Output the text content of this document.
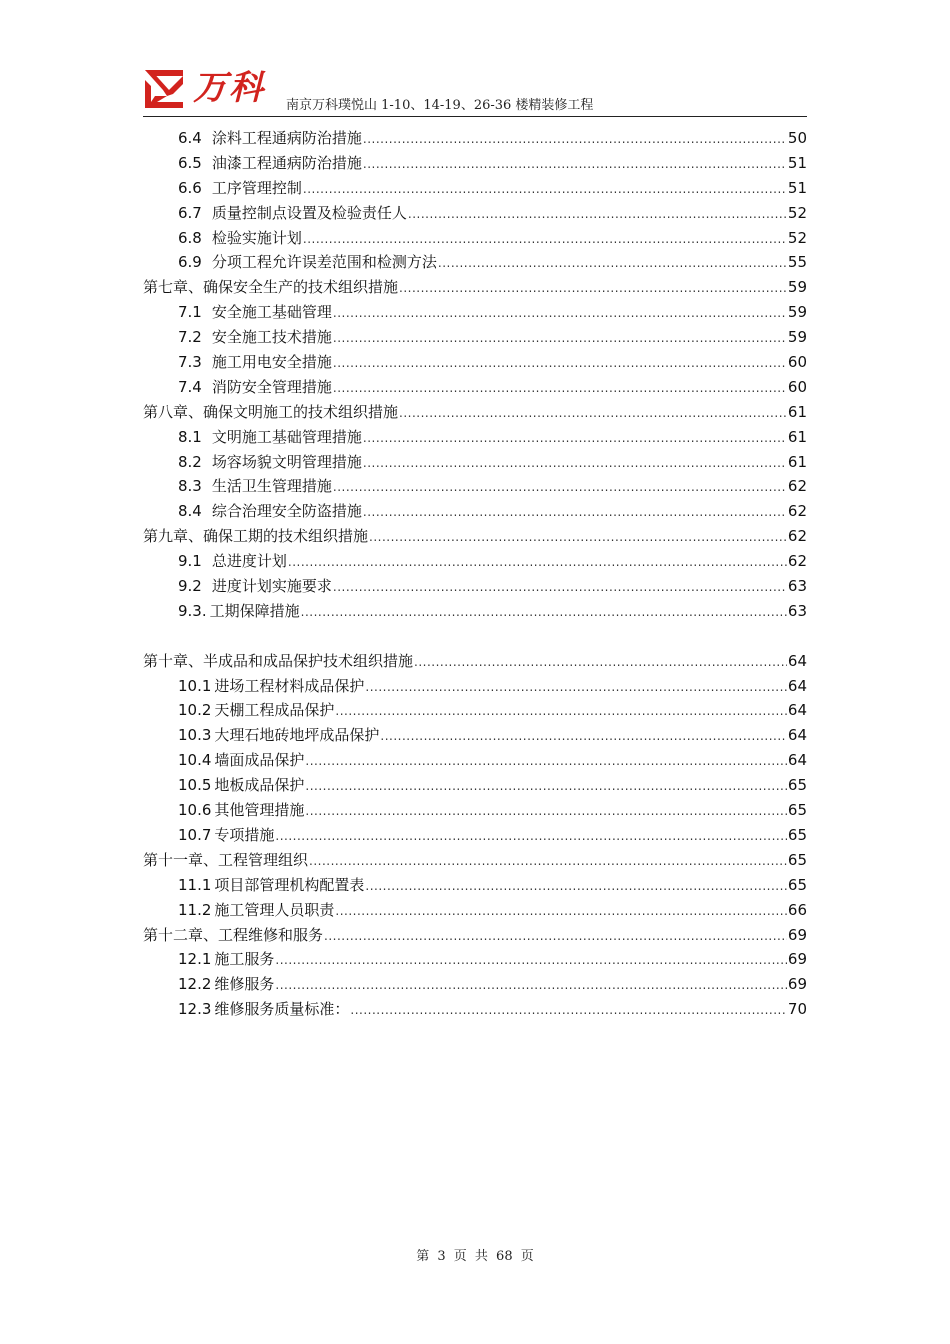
万科 南京万科璞悦山 1-10、14-19、26-36 楼精装修工程
6.4 涂料工程通病防治措施 .....	50
6.5 油漆工程通病防治措施 .....	51
6.6 工序管理控制 .....	51
6.7 质量控制点设置及检验责任人 .....	52
6.8 检验实施计划 .....	52
6.9 分项工程允许误差范围和检测方法 .....	55
第七章、确保安全生产的技术组织措施 .....	59
7.1 安全施工基础管理 .....	59
7.2 安全施工技术措施 .....	59
7.3 施工用电安全措施 .....	60
7.4 消防安全管理措施 .....	60
第八章、确保文明施工的技术组织措施 .....	61
8.1 文明施工基础管理措施 .....	61
8.2 场容场貌文明管理措施 .....	61
8.3 生活卫生管理措施 .....	62
8.4 综合治理安全防盗措施 .....	62
第九章、确保工期的技术组织措施 .....	62
9.1 总进度计划 .....	62
9.2 进度计划实施要求 .....	63
9.3. 工期保障措施 .....	63
第十章、半成品和成品保护技术组织措施 .....	64
10.1 进场工程材料成品保护 .....	64
10.2 天棚工程成品保护 .....	64
10.3 大理石地砖地坪成品保护 .....	64
10.4 墙面成品保护 .....	64
10.5 地板成品保护 .....	65
10.6 其他管理措施 .....	65
10.7 专项措施 .....	65
第十一章、工程管理组织 .....	65
11.1 项目部管理机构配置表 .....	65
11.2 施工管理人员职责 .....	66
第十二章、工程维修和服务 .....	69
12.1 施工服务 .....	69
12.2 维修服务 .....	69
12.3 维修服务质量标准： .....	70
第 3 页 共 68 页
